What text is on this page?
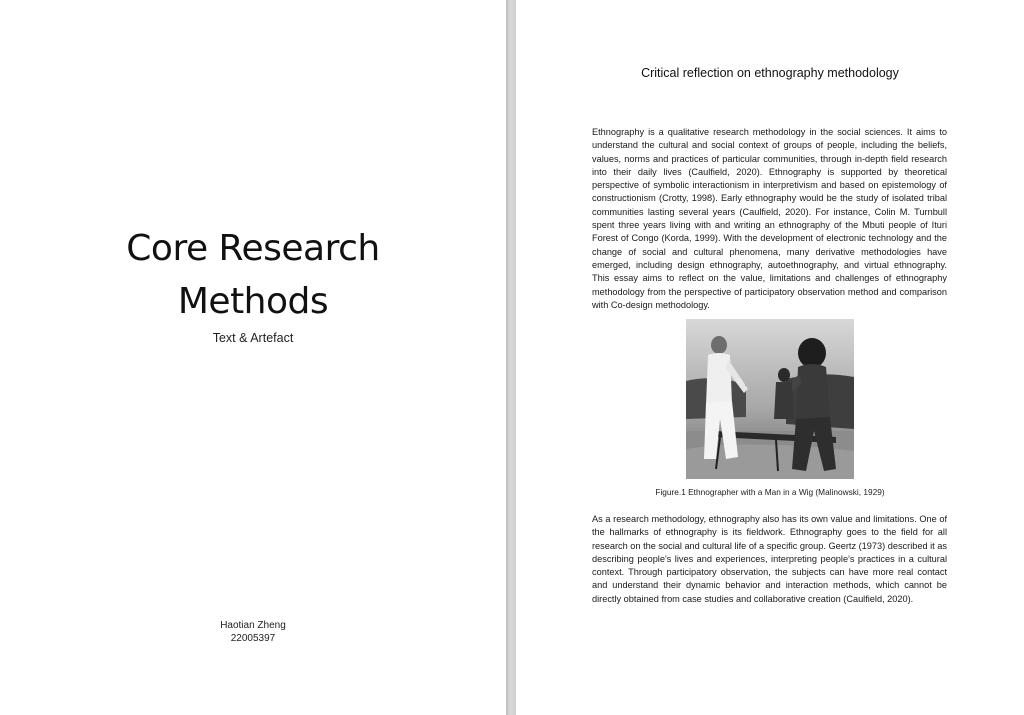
Core Research
Methods
Text & Artefact
Haotian Zheng
22005397
Critical reflection on ethnography methodology

Ethnography is a qualitative research methodology in the social sciences. It aims to understand the cultural and social context of groups of people, including the beliefs, values, norms and practices of particular communities, through in-depth field research into their daily lives (Caulfield, 2020). Ethnography is supported by theoretical perspective of symbolic interactionism in interpretivism and based on epistemology of constructionism (Crotty, 1998). Early ethnography would be the study of isolated tribal communities lasting several years (Caulfield, 2020). For instance, Colin M. Turnbull spent three years living with and writing an ethnography of the Mbuti people of Ituri Forest of Congo (Korda, 1999). With the development of electronic technology and the change of social and cultural phenomena, many derivative methodologies have emerged, including design ethnography, autoethnography, and virtual ethnography. This essay aims to reflect on the value, limitations and challenges of ethnography methodology from the perspective of participatory observation method and comparison with Co-design methodology.

Figure.1 Ethnographer with a Man in a Wig (Malinowski, 1929)

As a research methodology, ethnography also has its own value and limitations. One of the hallmarks of ethnography is its fieldwork. Ethnography goes to the field for all research on the social and cultural life of a specific group. Geertz (1973) described it as describing people's lives and experiences, interpreting people's practices in a cultural context. Through participatory observation, the subjects can have more real contact and understand their dynamic behavior and interaction methods, which cannot be directly obtained from case studies and collaborative creation (Caulfield, 2020).
